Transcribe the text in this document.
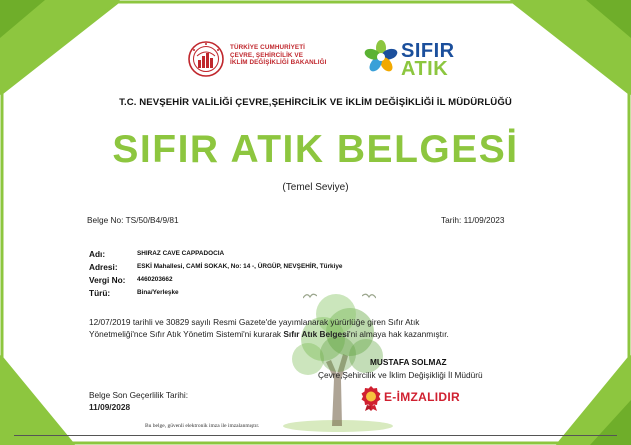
TÜRKİYE CUMHURİYETİ
ÇEVRE, ŞEHİRCİLİK VE
İKLİM DEĞİŞİKLİĞİ BAKANLIĞI
SIFIR
ATIK
T.C. NEVŞEHİR VALİLİĞİ ÇEVRE,ŞEHİRCİLİK VE İKLİM DEĞİŞİKLİĞİ İL MÜDÜRLÜĞÜ
SIFIR ATIK BELGESİ
(Temel Seviye)
Belge No: TS/50/B4/9/81	Tarih: 11/09/2023
Adı:	SHIRAZ CAVE CAPPADOCIA
Adresi:	ESKİ Mahallesi, CAMİ SOKAK, No: 14 -, ÜRGÜP, NEVŞEHİR, Türkiye
Vergi No: 4460203662
Türü:	Bina/Yerleşke
12/07/2019 tarihli ve 30829 sayılı Resmi Gazete'de yayımlanarak yürürlüğe giren Sıfır Atık
Yönetmeliği'nce Sıfır Atık Yönetim Sistemi'ni kurarak Sıfır Atık Belgesi'ni almaya hak kazanmıştır.
MUSTAFA SOLMAZ
Çevre,Şehircilik ve İklim Değişikliği İl Müdürü
E-İMZALIDIR
Belge Son Geçerlilik Tarihi:
11/09/2028
Bu belge, güvenli elektronik imza ile imzalanmıştır.
